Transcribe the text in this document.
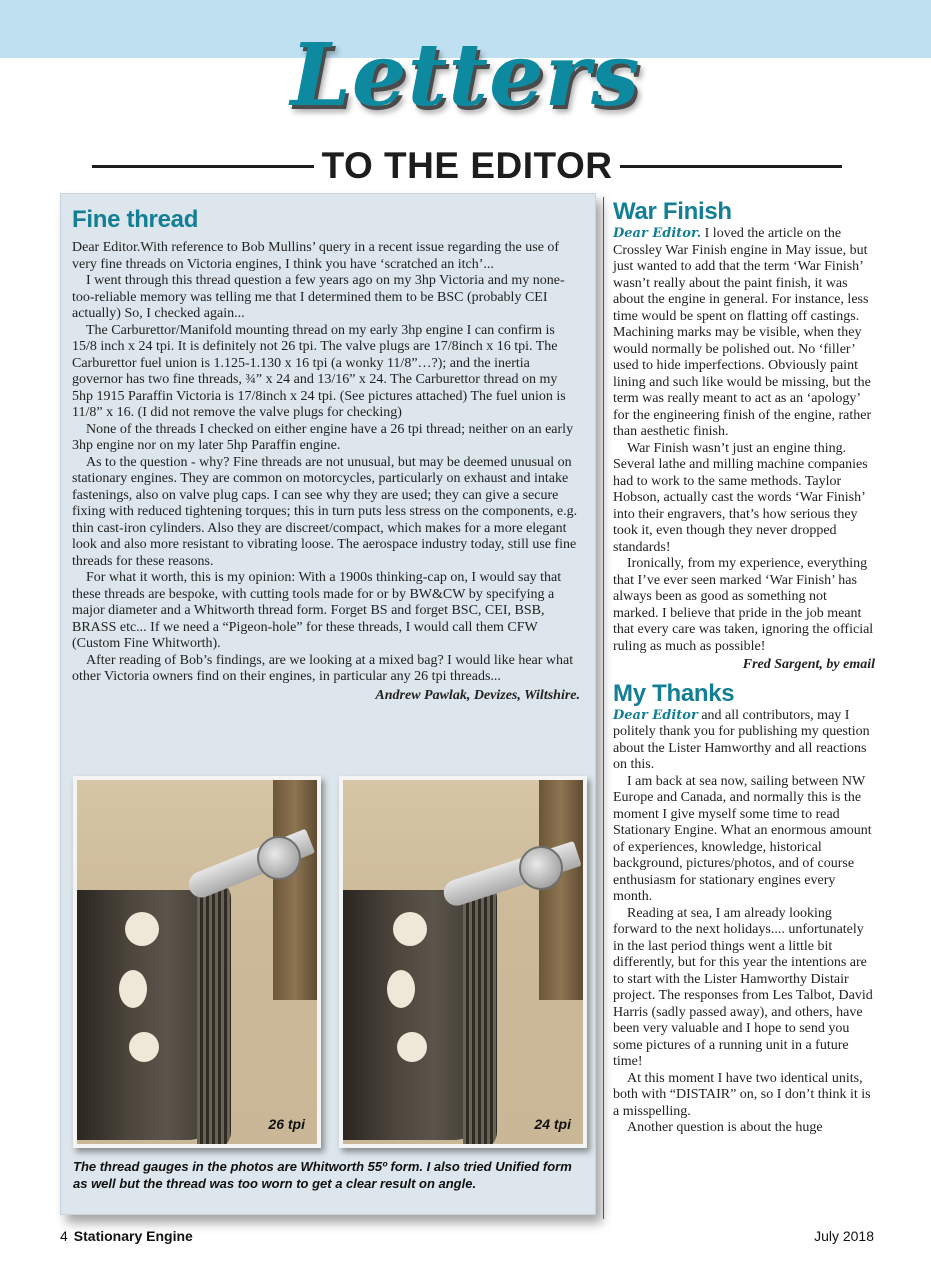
Letters
TO THE EDITOR
Fine thread

Dear Editor.With reference to Bob Mullins’ query in a recent issue regarding the use of very fine threads on Victoria engines, I think you have ‘scratched an itch’...

I went through this thread question a few years ago on my 3hp Victoria and my none-too-reliable memory was telling me that I determined them to be BSC (probably CEI actually) So, I checked again...

The Carburettor/Manifold mounting thread on my early 3hp engine I can confirm is 15/8 inch x 24 tpi. It is definitely not 26 tpi. The valve plugs are 17/8inch x 16 tpi. The Carburettor fuel union is 1.125-1.130 x 16 tpi (a wonky 11/8”…?); and the inertia governor has two fine threads, ¾” x 24 and 13/16” x 24. The Carburettor thread on my 5hp 1915 Paraffin Victoria is 17/8inch x 24 tpi. (See pictures attached) The fuel union is 11/8” x 16. (I did not remove the valve plugs for checking)

None of the threads I checked on either engine have a 26 tpi thread; neither on an early 3hp engine nor on my later 5hp Paraffin engine.

As to the question - why? Fine threads are not unusual, but may be deemed unusual on stationary engines. They are common on motorcycles, particularly on exhaust and intake fastenings, also on valve plug caps. I can see why they are used; they can give a secure fixing with reduced tightening torques; this in turn puts less stress on the components, e.g. thin cast-iron cylinders. Also they are discreet/compact, which makes for a more elegant look and also more resistant to vibrating loose. The aerospace industry today, still use fine threads for these reasons.

For what it worth, this is my opinion: With a 1900s thinking-cap on, I would say that these threads are bespoke, with cutting tools made for or by BW&CW by specifying a major diameter and a Whitworth thread form. Forget BS and forget BSC, CEI, BSB, BRASS etc... If we need a “Pigeon-hole” for these threads, I would call them CFW (Custom Fine Whitworth).

After reading of Bob’s findings, are we looking at a mixed bag? I would like hear what other Victoria owners find on their engines, in particular any 26 tpi threads...

Andrew Pawlak, Devizes, Wiltshire.

26 tpi	24 tpi
The thread gauges in the photos are Whitworth 55º form. I also tried Unified form as well but the thread was too worn to get a clear result on angle.
War Finish

Dear Editor. I loved the article on the Crossley War Finish engine in May issue, but just wanted to add that the term ‘War Finish’ wasn’t really about the paint finish, it was about the engine in general. For instance, less time would be spent on flatting off castings. Machining marks may be visible, when they would normally be polished out. No ‘filler’ used to hide imperfections. Obviously paint lining and such like would be missing, but the term was really meant to act as an ‘apology’ for the engineering finish of the engine, rather than aesthetic finish.

War Finish wasn’t just an engine thing. Several lathe and milling machine companies had to work to the same methods. Taylor Hobson, actually cast the words ‘War Finish’ into their engravers, that’s how serious they took it, even though they never dropped standards!

Ironically, from my experience, everything that I’ve ever seen marked ‘War Finish’ has always been as good as something not marked. I believe that pride in the job meant that every care was taken, ignoring the official ruling as much as possible!

Fred Sargent, by email

My Thanks

Dear Editor and all contributors, may I politely thank you for publishing my question about the Lister Hamworthy and all reactions on this.

I am back at sea now, sailing between NW Europe and Canada, and normally this is the moment I give myself some time to read Stationary Engine. What an enormous amount of experiences, knowledge, historical background, pictures/photos, and of course enthusiasm for stationary engines every month.

Reading at sea, I am already looking forward to the next holidays.... unfortunately in the last period things went a little bit differently, but for this year the intentions are to start with the Lister Hamworthy Distair project. The responses from Les Talbot, David Harris (sadly passed away), and others, have been very valuable and I hope to send you some pictures of a running unit in a future time!

At this moment I have two identical units, both with “DISTAIR” on, so I don’t think it is a misspelling.

Another question is about the huge

4 Stationary Engine	July 2018
